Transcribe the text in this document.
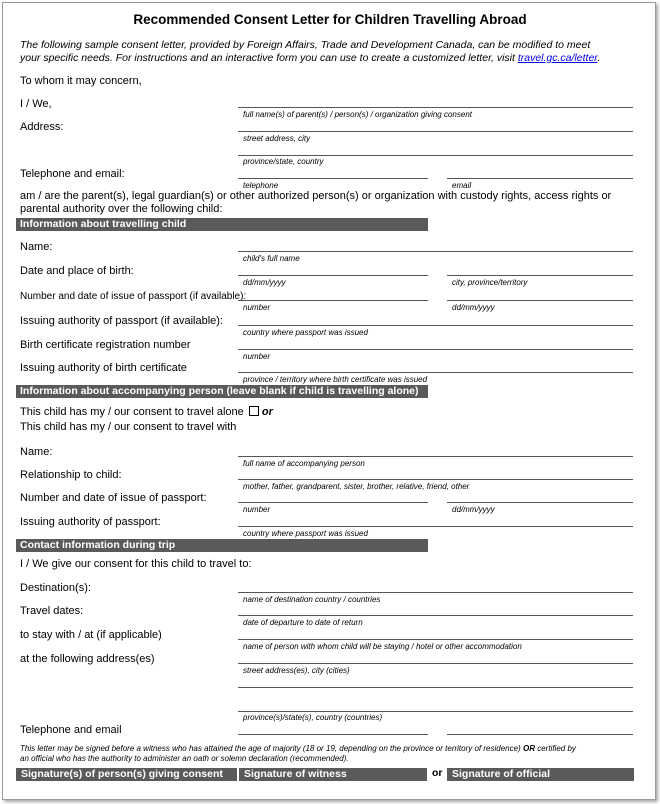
Recommended Consent Letter for Children Travelling Abroad
The following sample consent letter, provided by Foreign Affairs, Trade and Development Canada, can be modified to meet
your specific needs. For instructions and an interactive form you can use to create a customized letter, visit travel.gc.ca/letter.
To whom it may concern,
I / We,
full name(s) of parent(s) / person(s) / organization giving consent
Address:
street address, city
province/state, country
Telephone and email:
telephone	email
am / are the parent(s), legal guardian(s) or other authorized person(s) or organization with custody rights, access rights or
parental authority over the following child:
Information about travelling child
Name:
child's full name
Date and place of birth:
dd/mm/yyyy	city, province/territory
Number and date of issue of passport (if available):
number	dd/mm/yyyy
Issuing authority of passport (if available):
country where passport was issued
Birth certificate registration number
number
Issuing authority of birth certificate
province / territory where birth certificate was issued
Information about accompanying person (leave blank if child is travelling alone)
This child has my / our consent to travel alone or
This child has my / our consent to travel with
Name:
full name of accompanying person
Relationship to child:
mother, father, grandparent, sister, brother, relative, friend, other
Number and date of issue of passport:
number	dd/mm/yyyy
Issuing authority of passport:
country where passport was issued
Contact information during trip
I / We give our consent for this child to travel to:
Destination(s):
name of destination country / countries
Travel dates:
date of departure to date of return
to stay with / at (if applicable)
name of person with whom child will be staying / hotel or other accommodation
at the following address(es)
street address(es), city (cities)
province(s)/state(s), country (countries)
Telephone and email
This letter may be signed before a witness who has attained the age of majority (18 or 19, depending on the province or territory of residence) OR certified by
an official who has the authority to administer an oath or solemn declaration (recommended).
Signature(s) of person(s) giving consent	Signature of witness	or Signature of official
